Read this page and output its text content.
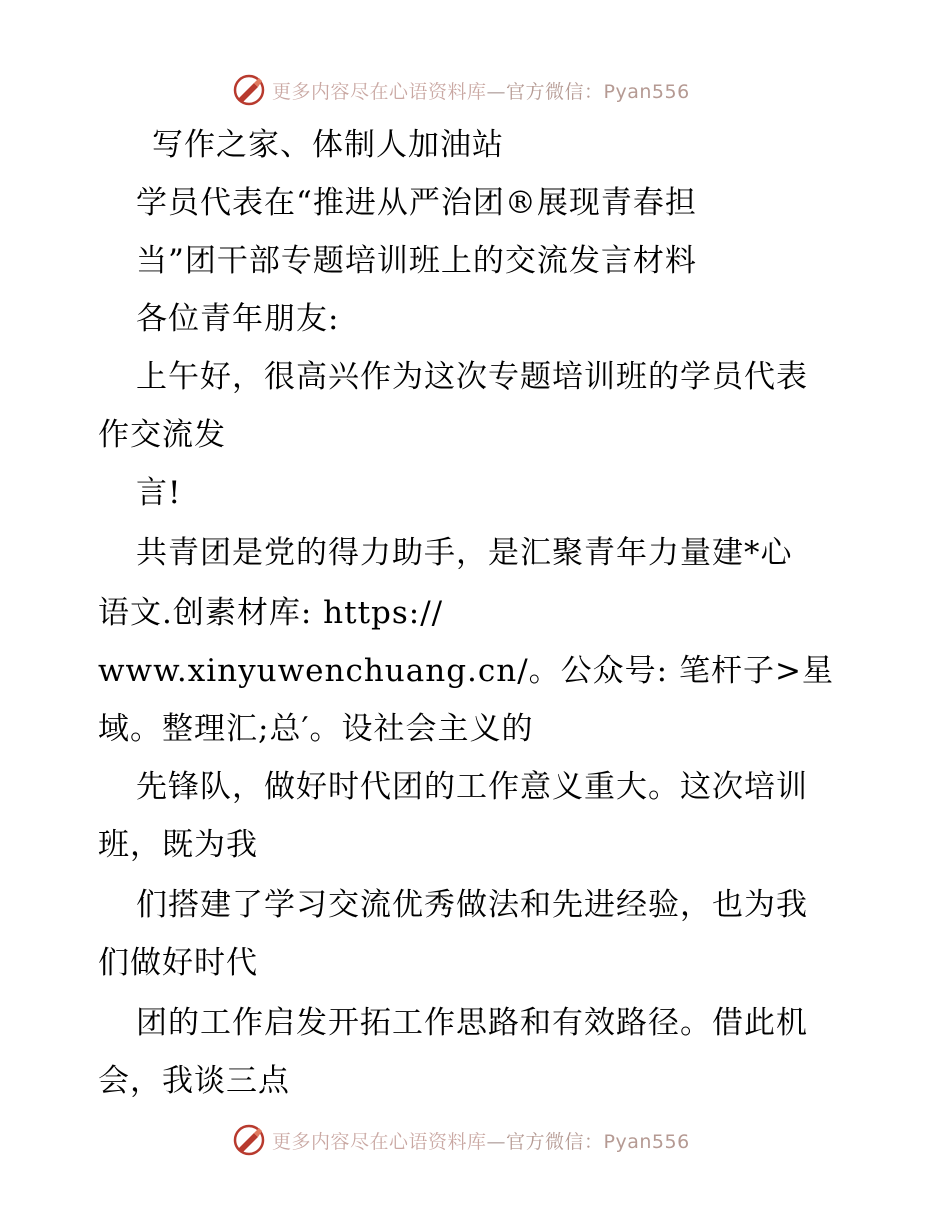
更多内容尽在心语资料库—官方微信：Pyan556
写作之家、体制人加油站
学员代表在“推进从严治团®展现青春担
当”团干部专题培训班上的交流发言材料
各位青年朋友:
上午好，很高兴作为这次专题培训班的学员代表
作交流发
言!
共青团是党的得力助手，是汇聚青年力量建*心
语文.创素材库: https://
www.xinyuwenchuang.cn/。公众号: 笔杆子>星
域。整理汇;总′。设社会主义的
先锋队，做好时代团的工作意义重大。这次培训
班，既为我
们搭建了学习交流优秀做法和先进经验，也为我
们做好时代
团的工作启发开拓工作思路和有效路径。借此机
会，我谈三点
更多内容尽在心语资料库—官方微信：Pyan556
